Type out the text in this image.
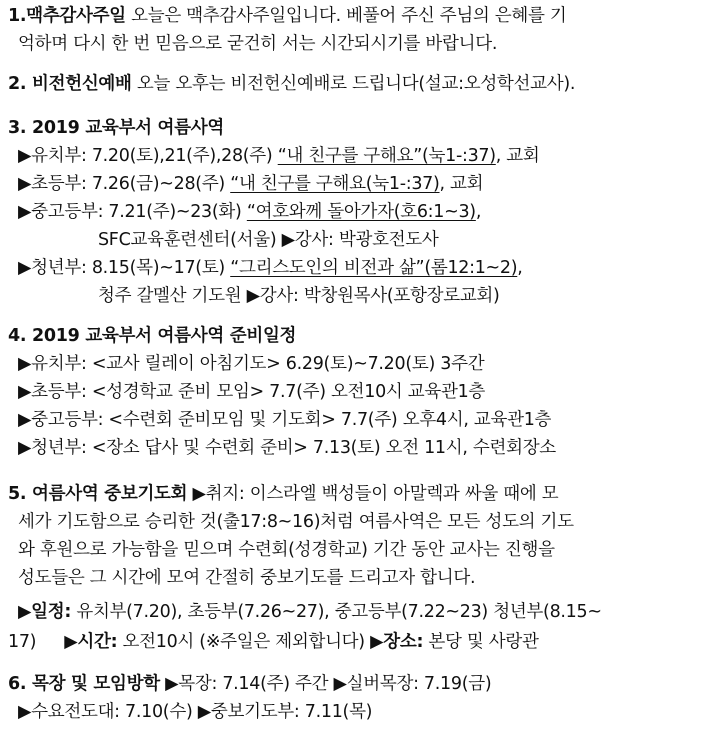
1.맥추감사주일 오늘은 맥추감사주일입니다. 베풀어 주신 주님의 은혜를 기
억하며 다시 한 번 믿음으로 굳건히 서는 시간되시기를 바랍니다.
2. 비전헌신예배 오늘 오후는 비전헌신예배로 드립니다(설교:오성학선교사).
3. 2019 교육부서 여름사역
▶유치부: 7.20(토),21(주),28(주) “내 친구를 구해요”(눅1-:37), 교회
▶초등부: 7.26(금)~28(주) “내 친구를 구해요(눅1-:37), 교회
▶중고등부: 7.21(주)~23(화) “여호와께 돌아가자(호6:1~3),
SFC교육훈련센터(서울) ▶강사: 박광호전도사
▶청년부: 8.15(목)~17(토) “그리스도인의 비전과 삶”(롬12:1~2),
청주 갈멜산 기도원 ▶강사: 박창원목사(포항장로교회)
4. 2019 교육부서 여름사역 준비일정
▶유치부: <교사 릴레이 아침기도> 6.29(토)~7.20(토) 3주간
▶초등부: <성경학교 준비 모임> 7.7(주) 오전10시 교육관1층
▶중고등부: <수련회 준비모임 및 기도회> 7.7(주) 오후4시, 교육관1층
▶청년부: <장소 답사 및 수련회 준비> 7.13(토) 오전 11시, 수련회장소
5. 여름사역 중보기도회 ▶취지: 이스라엘 백성들이 아말렉과 싸울 때에 모
세가 기도함으로 승리한 것(출17:8~16)처럼 여름사역은 모든 성도의 기도
와 후원으로 가능함을 믿으며 수련회(성경학교) 기간 동안 교사는 진행을
성도들은 그 시간에 모여 간절히 중보기도를 드리고자 합니다.
▶일정: 유치부(7.20), 초등부(7.26~27), 중고등부(7.22~23) 청년부(8.15~
17) ▶시간: 오전10시 (※주일은 제외합니다) ▶장소: 본당 및 사랑관
6. 목장 및 모임방학 ▶목장: 7.14(주) 주간 ▶실버목장: 7.19(금)
▶수요전도대: 7.10(수) ▶중보기도부: 7.11(목)
